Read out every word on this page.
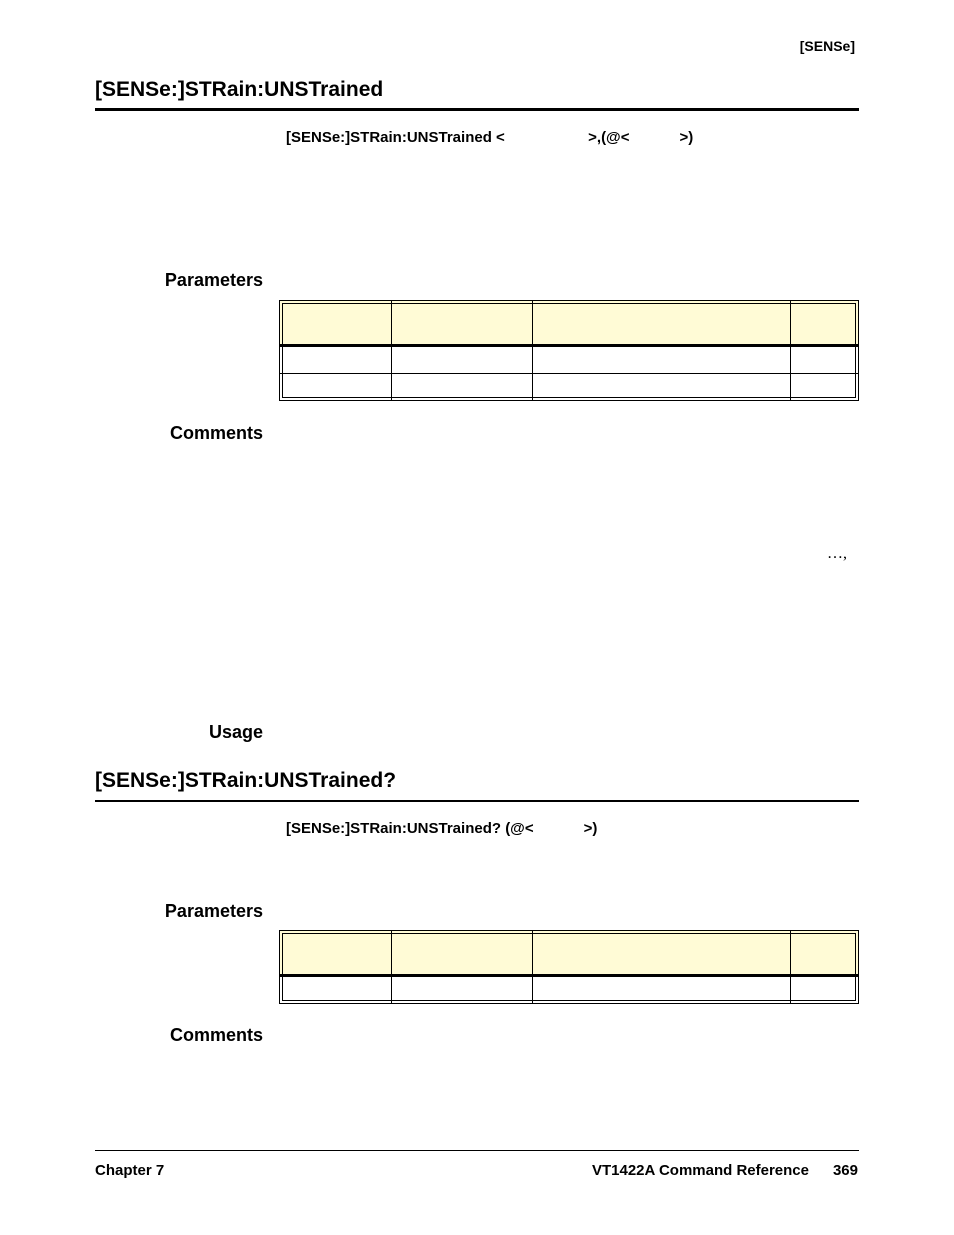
[SENSe]
[SENSe:]STRain:UNSTrained
[SENSe:]STRain:UNSTrained <                    >,(@<            >)
Parameters

Comments
…,
Usage
[SENSe:]STRain:UNSTrained?
[SENSe:]STRain:UNSTrained? (@<            >)
Parameters

Comments
Chapter 7	VT1422A Command Reference 369
